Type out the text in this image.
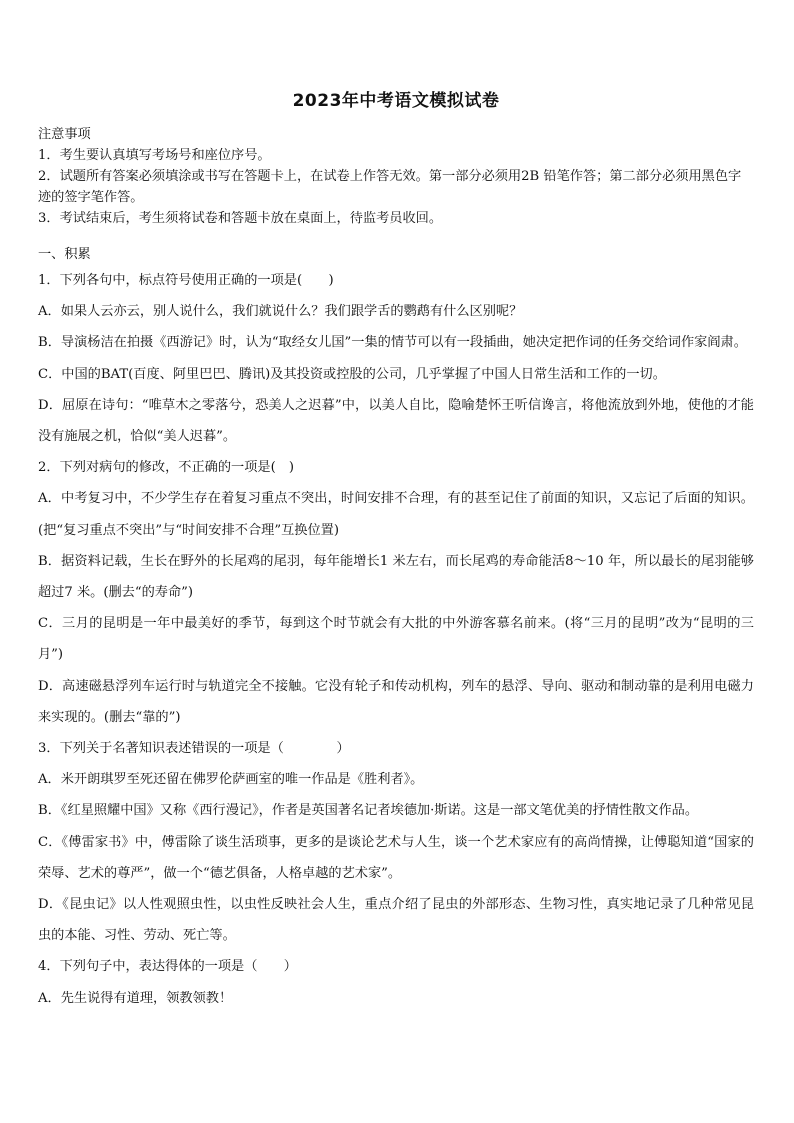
2023年中考语文模拟试卷

注意事项

1．考生要认真填写考场号和座位序号。

2．试题所有答案必须填涂或书写在答题卡上，在试卷上作答无效。第一部分必须用2B 铅笔作答；第二部分必须用黑色字迹的签字笔作答。

3．考试结束后，考生须将试卷和答题卡放在桌面上，待监考员收回。

一、积累

1．下列各句中，标点符号使用正确的一项是(　　)

A．如果人云亦云，别人说什么，我们就说什么？我们跟学舌的鹦鹉有什么区别呢？

B．导演杨洁在拍摄《西游记》时，认为“取经女儿国”一集的情节可以有一段插曲，她决定把作词的任务交给词作家阎肃。

C．中国的BAT(百度、阿里巴巴、腾讯)及其投资或控股的公司，几乎掌握了中国人日常生活和工作的一切。

D．屈原在诗句：“唯草木之零落兮，恐美人之迟暮”中，以美人自比，隐喻楚怀王听信谗言，将他流放到外地，使他的才能没有施展之机，恰似“美人迟暮”。

2．下列对病句的修改，不正确的一项是(　)

A．中考复习中，不少学生存在着复习重点不突出，时间安排不合理，有的甚至记住了前面的知识，又忘记了后面的知识。(把“复习重点不突出”与“时间安排不合理”互换位置)

B．据资料记载，生长在野外的长尾鸡的尾羽，每年能增长1 米左右，而长尾鸡的寿命能活8～10 年，所以最长的尾羽能够超过7 米。(删去“的寿命”)

C．三月的昆明是一年中最美好的季节，每到这个时节就会有大批的中外游客慕名前来。(将“三月的昆明”改为“昆明的三月”)

D．高速磁悬浮列车运行时与轨道完全不接触。它没有轮子和传动机构，列车的悬浮、导向、驱动和制动靠的是利用电磁力来实现的。(删去“靠的”)

3．下列关于名著知识表述错误的一项是（　　　　）

A．米开朗琪罗至死还留在佛罗伦萨画室的唯一作品是《胜利者》。

B．《红星照耀中国》又称《西行漫记》，作者是英国著名记者埃德加·斯诺。这是一部文笔优美的抒情性散文作品。

C．《傅雷家书》中，傅雷除了谈生活琐事，更多的是谈论艺术与人生，谈一个艺术家应有的高尚情操，让傅聪知道“国家的荣辱、艺术的尊严”，做一个“德艺俱备，人格卓越的艺术家”。

D．《昆虫记》以人性观照虫性，以虫性反映社会人生，重点介绍了昆虫的外部形态、生物习性，真实地记录了几种常见昆虫的本能、习性、劳动、死亡等。

4．下列句子中，表达得体的一项是（　　）

A．先生说得有道理，领教领教！
